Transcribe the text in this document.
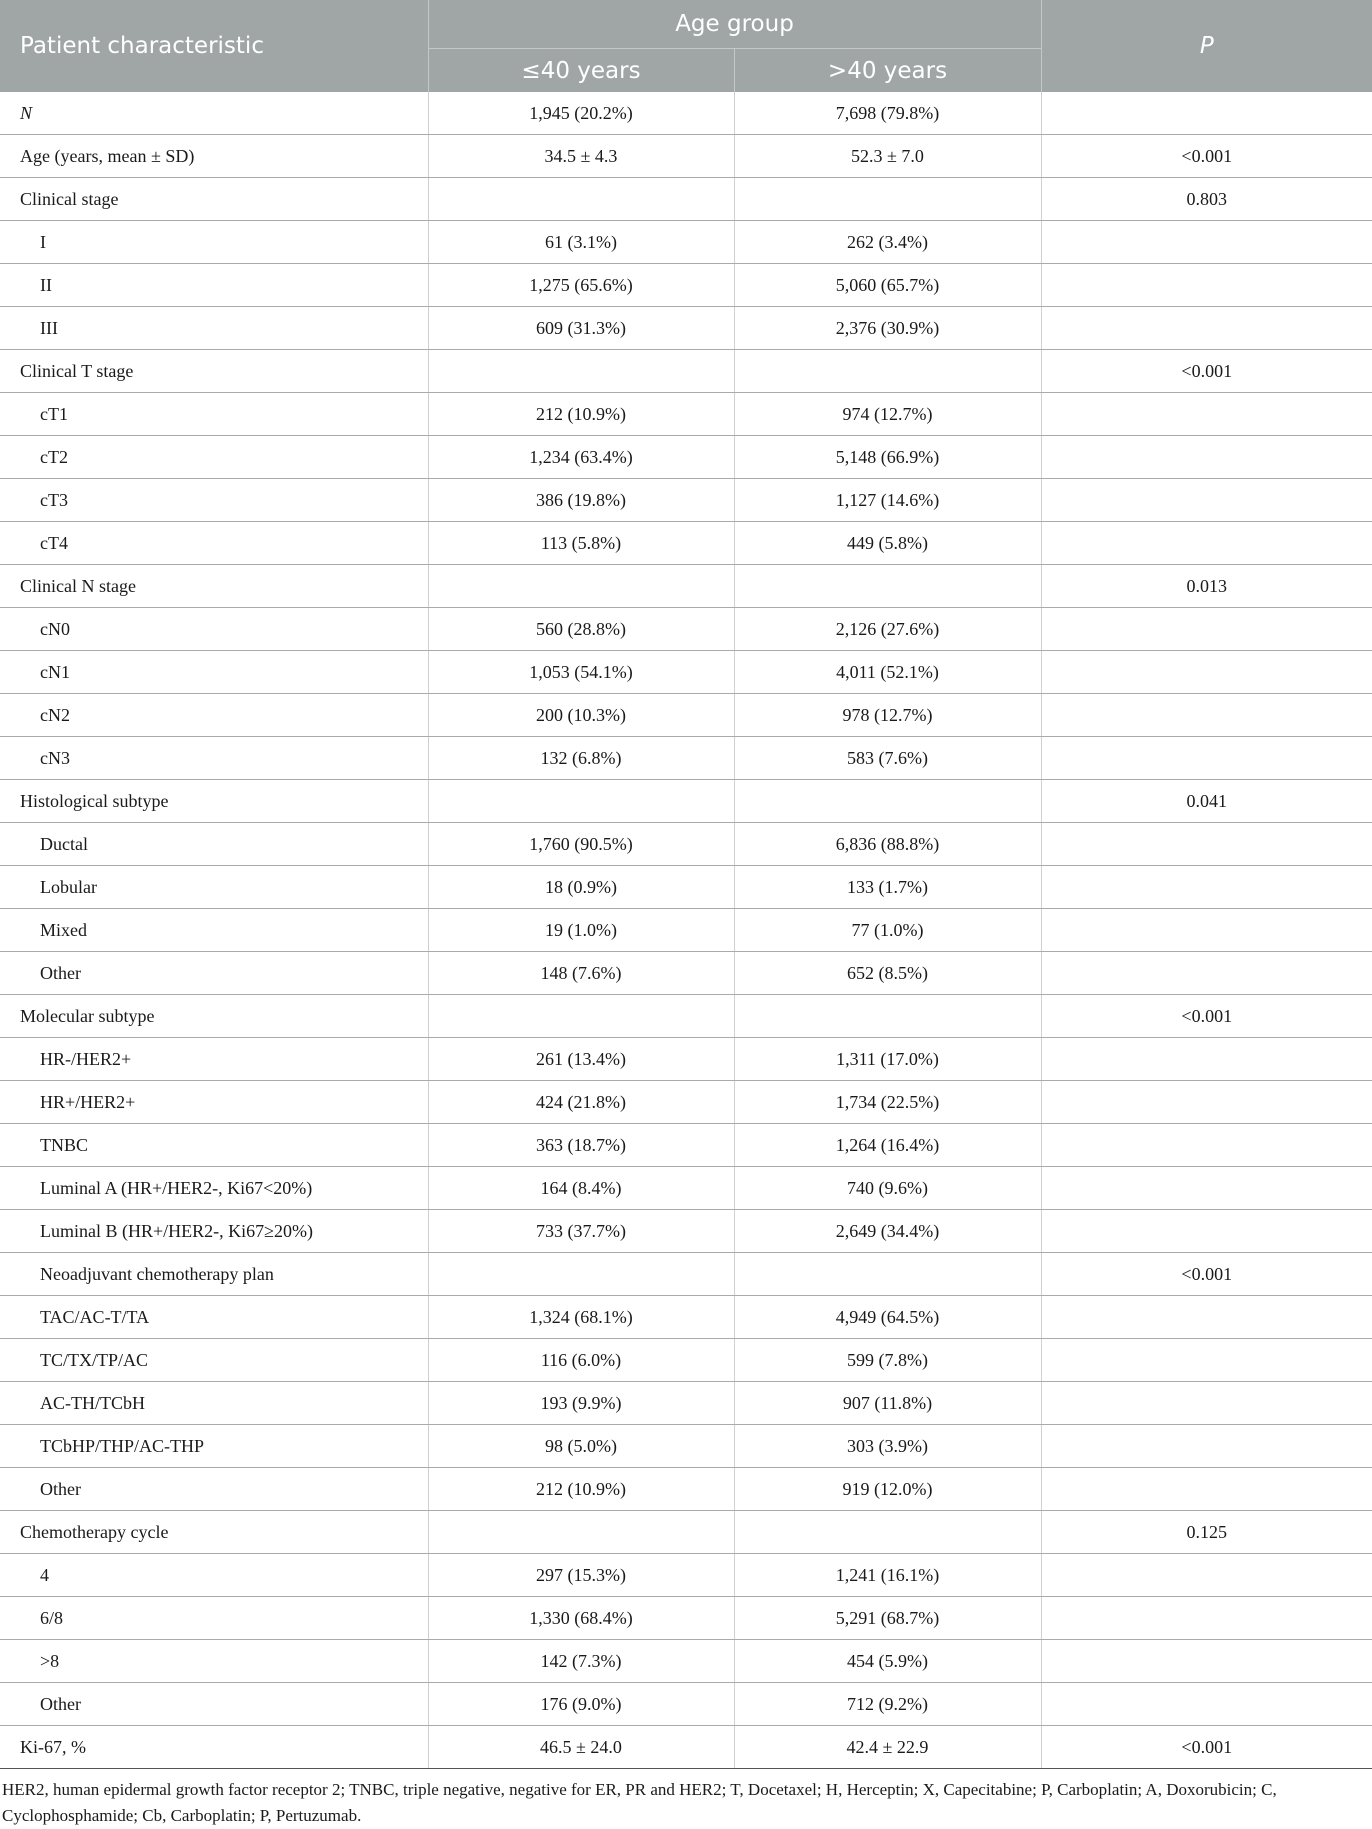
Patient characteristic	Age group		P
	≤40 years	>40 years	
N	1,945 (20.2%)	7,698 (79.8%)	
Age (years, mean ± SD)	34.5 ± 4.3	52.3 ± 7.0	<0.001
Clinical stage			0.803
I	61 (3.1%)	262 (3.4%)	
II	1,275 (65.6%)	5,060 (65.7%)	
III	609 (31.3%)	2,376 (30.9%)	
Clinical T stage			<0.001
cT1	212 (10.9%)	974 (12.7%)	
cT2	1,234 (63.4%)	5,148 (66.9%)	
cT3	386 (19.8%)	1,127 (14.6%)	
cT4	113 (5.8%)	449 (5.8%)	
Clinical N stage			0.013
cN0	560 (28.8%)	2,126 (27.6%)	
cN1	1,053 (54.1%)	4,011 (52.1%)	
cN2	200 (10.3%)	978 (12.7%)	
cN3	132 (6.8%)	583 (7.6%)	
Histological subtype			0.041
Ductal	1,760 (90.5%)	6,836 (88.8%)	
Lobular	18 (0.9%)	133 (1.7%)	
Mixed	19 (1.0%)	77 (1.0%)	
Other	148 (7.6%)	652 (8.5%)	
Molecular subtype			<0.001
HR-/HER2+	261 (13.4%)	1,311 (17.0%)	
HR+/HER2+	424 (21.8%)	1,734 (22.5%)	
TNBC	363 (18.7%)	1,264 (16.4%)	
Luminal A (HR+/HER2-, Ki67<20%)	164 (8.4%)	740 (9.6%)	
Luminal B (HR+/HER2-, Ki67≥20%)	733 (37.7%)	2,649 (34.4%)	
Neoadjuvant chemotherapy plan			<0.001
TAC/AC-T/TA	1,324 (68.1%)	4,949 (64.5%)	
TC/TX/TP/AC	116 (6.0%)	599 (7.8%)	
AC-TH/TCbH	193 (9.9%)	907 (11.8%)	
TCbHP/THP/AC-THP	98 (5.0%)	303 (3.9%)	
Other	212 (10.9%)	919 (12.0%)	
Chemotherapy cycle			0.125
4	297 (15.3%)	1,241 (16.1%)	
6/8	1,330 (68.4%)	5,291 (68.7%)	
>8	142 (7.3%)	454 (5.9%)	
Other	176 (9.0%)	712 (9.2%)	
Ki-67, %	46.5 ± 24.0	42.4 ± 22.9	<0.001

HER2, human epidermal growth factor receptor 2; TNBC, triple negative, negative for ER, PR and HER2; T, Docetaxel; H, Herceptin; X, Capecitabine; P, Carboplatin; A, Doxorubicin; C, Cyclophosphamide; Cb, Carboplatin; P, Pertuzumab.
